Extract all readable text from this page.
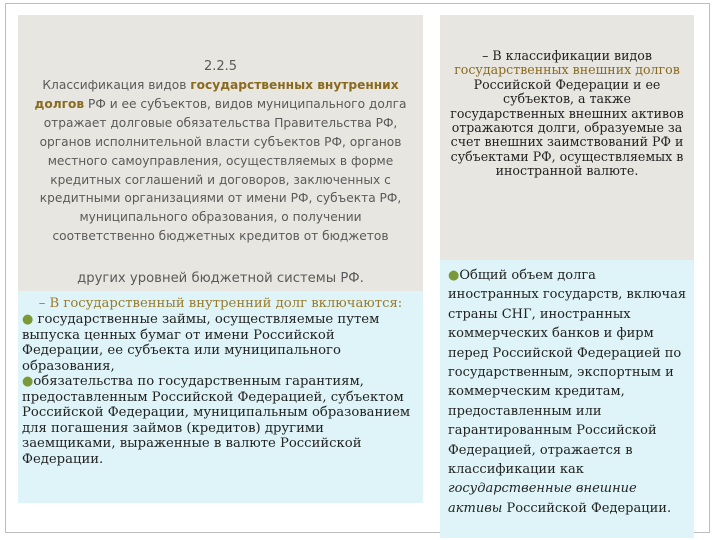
2.2.5
Классификация видов государственных внутренних долгов РФ и ее субъектов, видов муниципального долга отражает долговые обязательства Правительства РФ, органов исполнительной власти субъектов РФ, органов местного самоуправления, осуществляемых в форме кредитных соглашений и договоров, заключенных с кредитными организациями от имени РФ, субъекта РФ, муниципального образования, о получении соответственно бюджетных кредитов от бюджетов
других уровней бюджетной системы РФ.
– В государственный внутренний долг включаются:
● государственные займы, осуществляемые путем выпуска ценных бумаг от имени Российской Федерации, ее субъекта или муниципального образования,
●обязательства по государственным гарантиям, предоставленным Российской Федерацией, субъектом Российской Федерации, муниципальным образованием для погашения займов (кредитов) другими заемщиками, выраженные в валюте Российской Федерации.
– В классификации видов
государственных внешних долгов Российской Федерации и ее субъектов, а также государственных внешних активов отражаются долги, образуемые за счет внешних заимствований РФ и субъектами РФ, осуществляемых в иностранной валюте.
●Общий объем долга иностранных государств, включая страны СНГ, иностранных коммерческих банков и фирм перед Российской Федерацией по государственным, экспортным и коммерческим кредитам, предоставленным или гарантированным Российской Федерацией, отражается в классификации как государственные внешние активы Российской Федерации.
